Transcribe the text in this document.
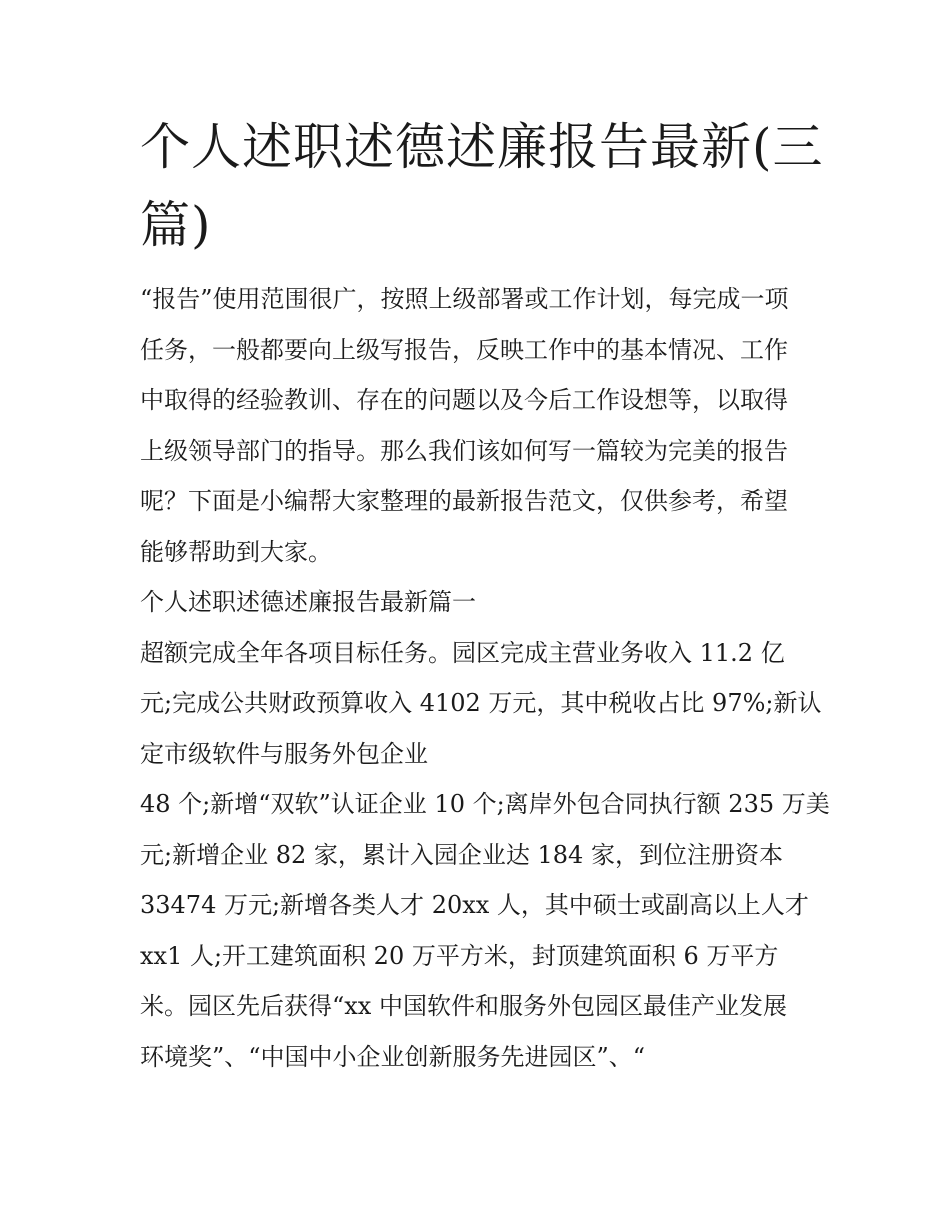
个人述职述德述廉报告最新(三
篇)
“报告”使用范围很广，按照上级部署或工作计划，每完成一项
任务，一般都要向上级写报告，反映工作中的基本情况、工作
中取得的经验教训、存在的问题以及今后工作设想等，以取得
上级领导部门的指导。那么我们该如何写一篇较为完美的报告
呢？下面是小编帮大家整理的最新报告范文，仅供参考，希望
能够帮助到大家。
个人述职述德述廉报告最新篇一
超额完成全年各项目标任务。园区完成主营业务收入 11.2 亿
元;完成公共财政预算收入 4102 万元，其中税收占比 97%;新认
定市级软件与服务外包企业
48 个;新增“双软”认证企业 10 个;离岸外包合同执行额 235 万美
元;新增企业 82 家，累计入园企业达 184 家，到位注册资本
33474 万元;新增各类人才 20xx 人，其中硕士或副高以上人才
xx1 人;开工建筑面积 20 万平方米，封顶建筑面积 6 万平方
米。园区先后获得“xx 中国软件和服务外包园区最佳产业发展
环境奖”、“中国中小企业创新服务先进园区”、“
